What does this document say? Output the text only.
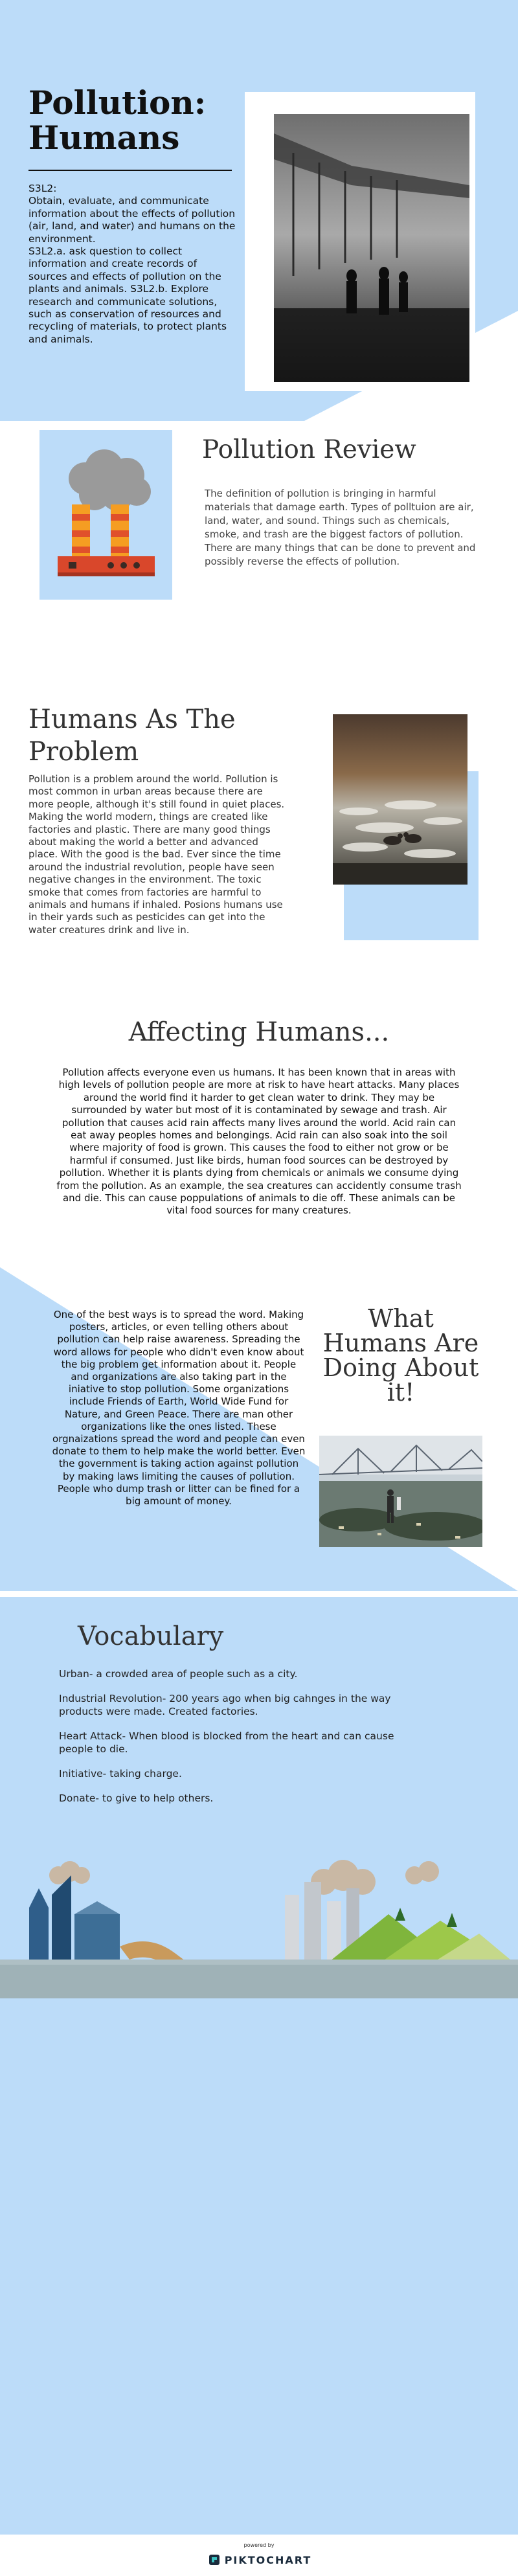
Pollution: Humans
S3L2:
Obtain, evaluate, and communicate information about the effects of pollution (air, land, and water) and humans on the environment.
S3L2.a. ask question to collect information and create records of sources and effects of pollution on the plants and animals. S3L2.b. Explore research and communicate solutions, such as conservation of resources and recycling of materials, to protect plants and animals.
Pollution Review
The definition of pollution is bringing in harmful materials that damage earth. Types of polltuion are air, land, water, and sound. Things such as chemicals, smoke, and trash are the biggest factors of pollution. There are many things that can be done to prevent and possibly reverse the effects of pollution.
Humans As The Problem
Pollution is a problem around the world. Pollution is most common in urban areas because there are more people, although it's still found in quiet places. Making the world modern, things are created like factories and plastic. There are many good things about making the world a better and advanced place. With the good is the bad. Ever since the time around the industrial revolution, people have seen negative changes in the environment. The toxic smoke that comes from factories are harmful to animals and humans if inhaled. Posions humans use in their yards such as pesticides can get into the water creatures drink and live in.
Affecting Humans...
Pollution affects everyone even us humans. It has been known that in areas with high levels of pollution people are more at risk to have heart attacks. Many places around the world find it harder to get clean water to drink. They may be surrounded by water but most of it is contaminated by sewage and trash. Air pollution that causes acid rain affects many lives around the world. Acid rain can eat away peoples homes and belongings. Acid rain can also soak into the soil where majority of food is grown. This causes the food to either not grow or be harmful if consumed. Just like birds, human food sources can be destroyed by pollution. Whether it is plants dying from chemicals or animals we consume dying from the pollution. As an example, the sea creatures can accidently consume trash and die. This can cause poppulations of animals to die off. These animals can be vital food sources for many creatures.
One of the best ways is to spread the word. Making posters, articles, or even telling others about pollution can help raise awareness. Spreading the word allows for people who didn't even know about the big problem get information about it. People and organizations are also taking part in the iniative to stop pollution. Some organizations include Friends of Earth, World Wide Fund for Nature, and Green Peace. There are man other organizations like the ones listed. These orgnaizations spread the word and people can even donate to them to help make the world better. Even the government is taking action against pollution by making laws limiting the causes of pollution. People who dump trash or litter can be fined for a big amount of money.
What Humans Are Doing About it!
Vocabulary
Urban- a crowded area of people such as a city.
Industrial Revolution- 200 years ago when big cahnges in the way products were made. Created factories.
Heart Attack- When blood is blocked from the heart and can cause people to die.
Initiative- taking charge.
Donate- to give to help others.
powered by
PIKTOCHART
